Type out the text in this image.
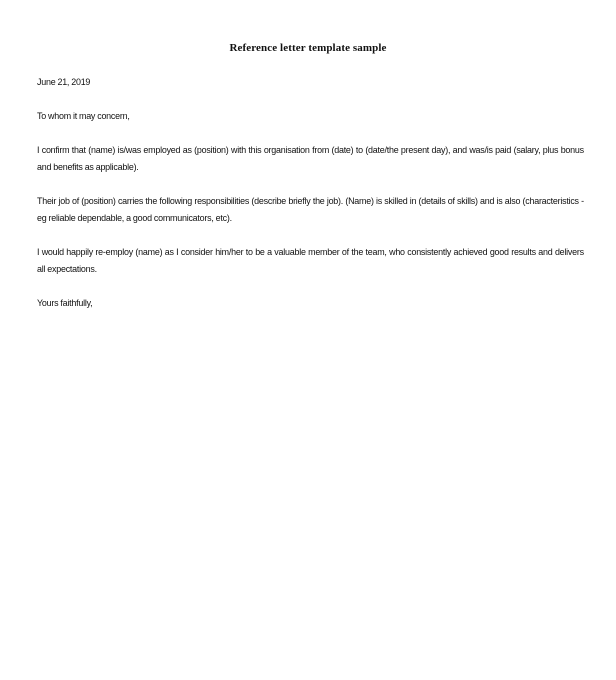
Reference letter template sample
June 21, 2019
To whom it may concern,
I confirm that (name) is/was employed as (position) with this organisation from (date) to (date/the present day), and was/is paid (salary, plus bonus and benefits as applicable).
Their job of (position) carries the following responsibilities (describe briefly the job). (Name) is skilled in (details of skills) and is also (characteristics - eg reliable dependable, a good communicators, etc).
I would happily re-employ (name) as I consider him/her to be a valuable member of the team, who consistently achieved good results and delivers all expectations.
Yours faithfully,
